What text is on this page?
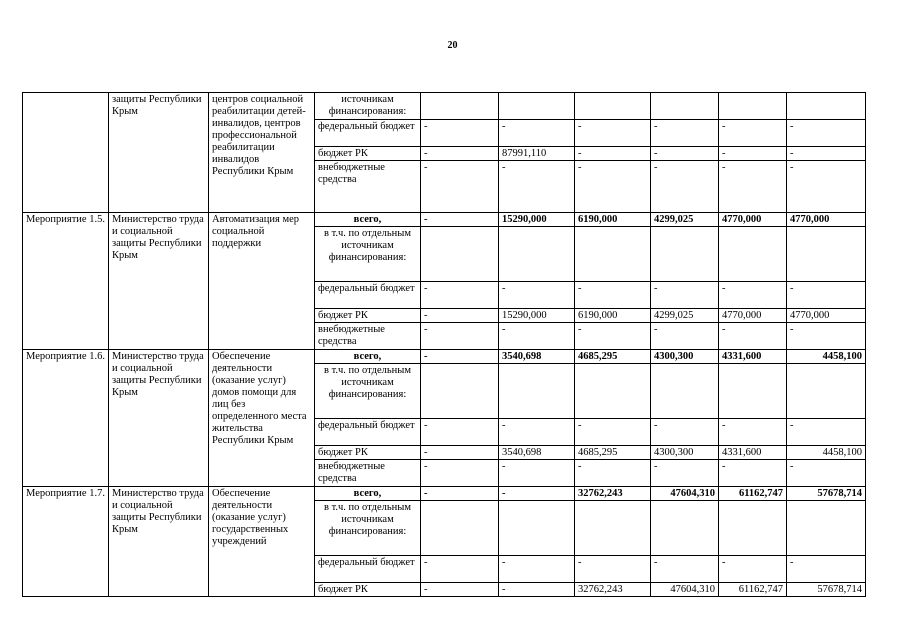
20
	защиты Республики Крым	центров социальной реабилитации детей-инвалидов, центров профессиональной реабилитации инвалидов Республики Крым	источникам финансирования:						
			федеральный бюджет	-	-	-	-	-	-
			бюджет РК	-	87991,110	-	-	-	-
			внебюджетные средства	-	-	-	-	-	-
Мероприятие 1.5.	Министерство труда и социальной защиты Республики Крым	Автоматизация мер социальной поддержки	всего,	-	15290,000	6190,000	4299,025	4770,000	4770,000
			в т.ч. по отдельным источникам финансирования:						
			федеральный бюджет	-	-	-	-	-	-
			бюджет РК	-	15290,000	6190,000	4299,025	4770,000	4770,000
			внебюджетные средства	-	-	-	-	-	-
Мероприятие 1.6.	Министерство труда и социальной защиты Республики Крым	Обеспечение деятельности (оказание услуг) домов помощи для лиц без определенного места жительства Республики Крым	всего,	-	3540,698	4685,295	4300,300	4331,600	4458,100
			в т.ч. по отдельным источникам финансирования:						
			федеральный бюджет	-	-	-	-	-	-
			бюджет РК	-	3540,698	4685,295	4300,300	4331,600	4458,100
			внебюджетные средства	-	-	-	-	-	-
Мероприятие 1.7.	Министерство труда и социальной защиты Республики Крым	Обеспечение деятельности (оказание услуг) государственных учреждений	всего,	-	-	32762,243	47604,310	61162,747	57678,714
			в т.ч. по отдельным источникам финансирования:						
			федеральный бюджет	-	-	-	-	-	-
			бюджет РК	-	-	32762,243	47604,310	61162,747	57678,714
